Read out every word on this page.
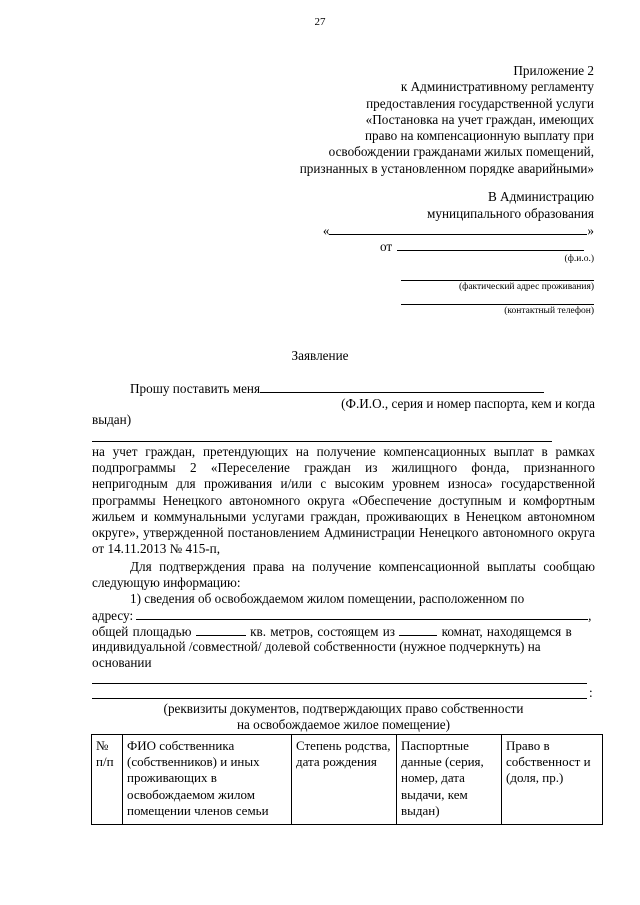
27
Приложение 2
к Административному регламенту
предоставления государственной услуги
«Постановка на учет граждан, имеющих
право на компенсационную выплату при
освобождении гражданами жилых помещений,
признанных в установленном порядке аварийными»
В Администрацию
муниципального образования
«	»
от
(ф.и.о.)
(фактический адрес проживания)
(контактный телефон)
Заявление
Прошу поставить меня
(Ф.И.О., серия и номер паспорта, кем и когда
выдан)
на учет граждан, претендующих на получение компенсационных выплат в рамках подпрограммы 2 «Переселение граждан из жилищного фонда, признанного непригодным для проживания и/или с высоким уровнем износа» государственной программы Ненецкого автономного округа «Обеспечение доступным и комфортным жильем и коммунальными услугами граждан, проживающих в Ненецком автономном округе», утвержденной постановлением Администрации Ненецкого автономного округа от 14.11.2013 № 415-п,
Для подтверждения права на получение компенсационной выплаты сообщаю следующую информацию:
1) сведения об освобождаемом жилом помещении, расположенном по
адресу:	,
общей площадью	кв. метров, состоящем из	комнат, находящемся в
индивидуальной /совместной/ долевой собственности (нужное подчеркнуть) на
основании
:
(реквизиты документов, подтверждающих право собственности
на освобождаемое жилое помещение)
№ п/п	ФИО собственника (собственников) и иных проживающих в освобождаемом жилом помещении членов семьи	Степень родства, дата рождения	Паспортные данные (серия, номер, дата выдачи, кем выдан)	Право в собственност и (доля, пр.)
